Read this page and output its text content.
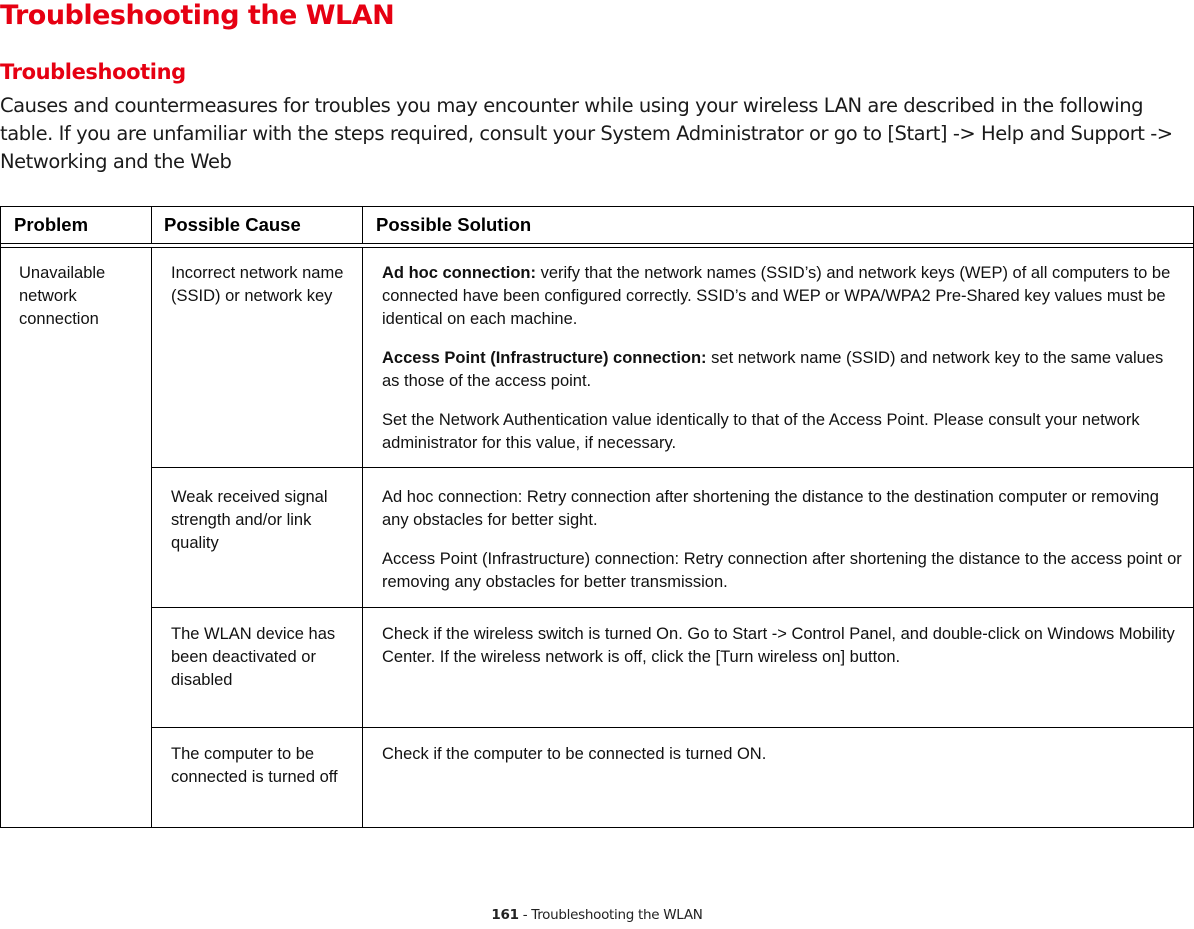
Troubleshooting the WLAN
Troubleshooting
Causes and countermeasures for troubles you may encounter while using your wireless LAN are described in the following table. If you are unfamiliar with the steps required, consult your System Administrator or go to [Start] -> Help and Support -> Networking and the Web
Problem	Possible Cause	Possible Solution
Unavailable network connection
Incorrect network name (SSID) or network key
Ad hoc connection: verify that the network names (SSID’s) and network keys (WEP) of all computers to be connected have been configured correctly. SSID’s and WEP or WPA/WPA2 Pre-Shared key values must be identical on each machine.
Access Point (Infrastructure) connection: set network name (SSID) and network key to the same values as those of the access point.
Set the Network Authentication value identically to that of the Access Point. Please consult your network administrator for this value, if necessary.
Weak received signal strength and/or link quality
Ad hoc connection: Retry connection after shortening the distance to the destination computer or removing any obstacles for better sight.
Access Point (Infrastructure) connection: Retry connection after shortening the distance to the access point or removing any obstacles for better transmission.
The WLAN device has been deactivated or disabled
Check if the wireless switch is turned On. Go to Start -> Control Panel, and double-click on Windows Mobility Center. If the wireless network is off, click the [Turn wireless on] button.
The computer to be connected is turned off
Check if the computer to be connected is turned ON.
161 - Troubleshooting the WLAN
